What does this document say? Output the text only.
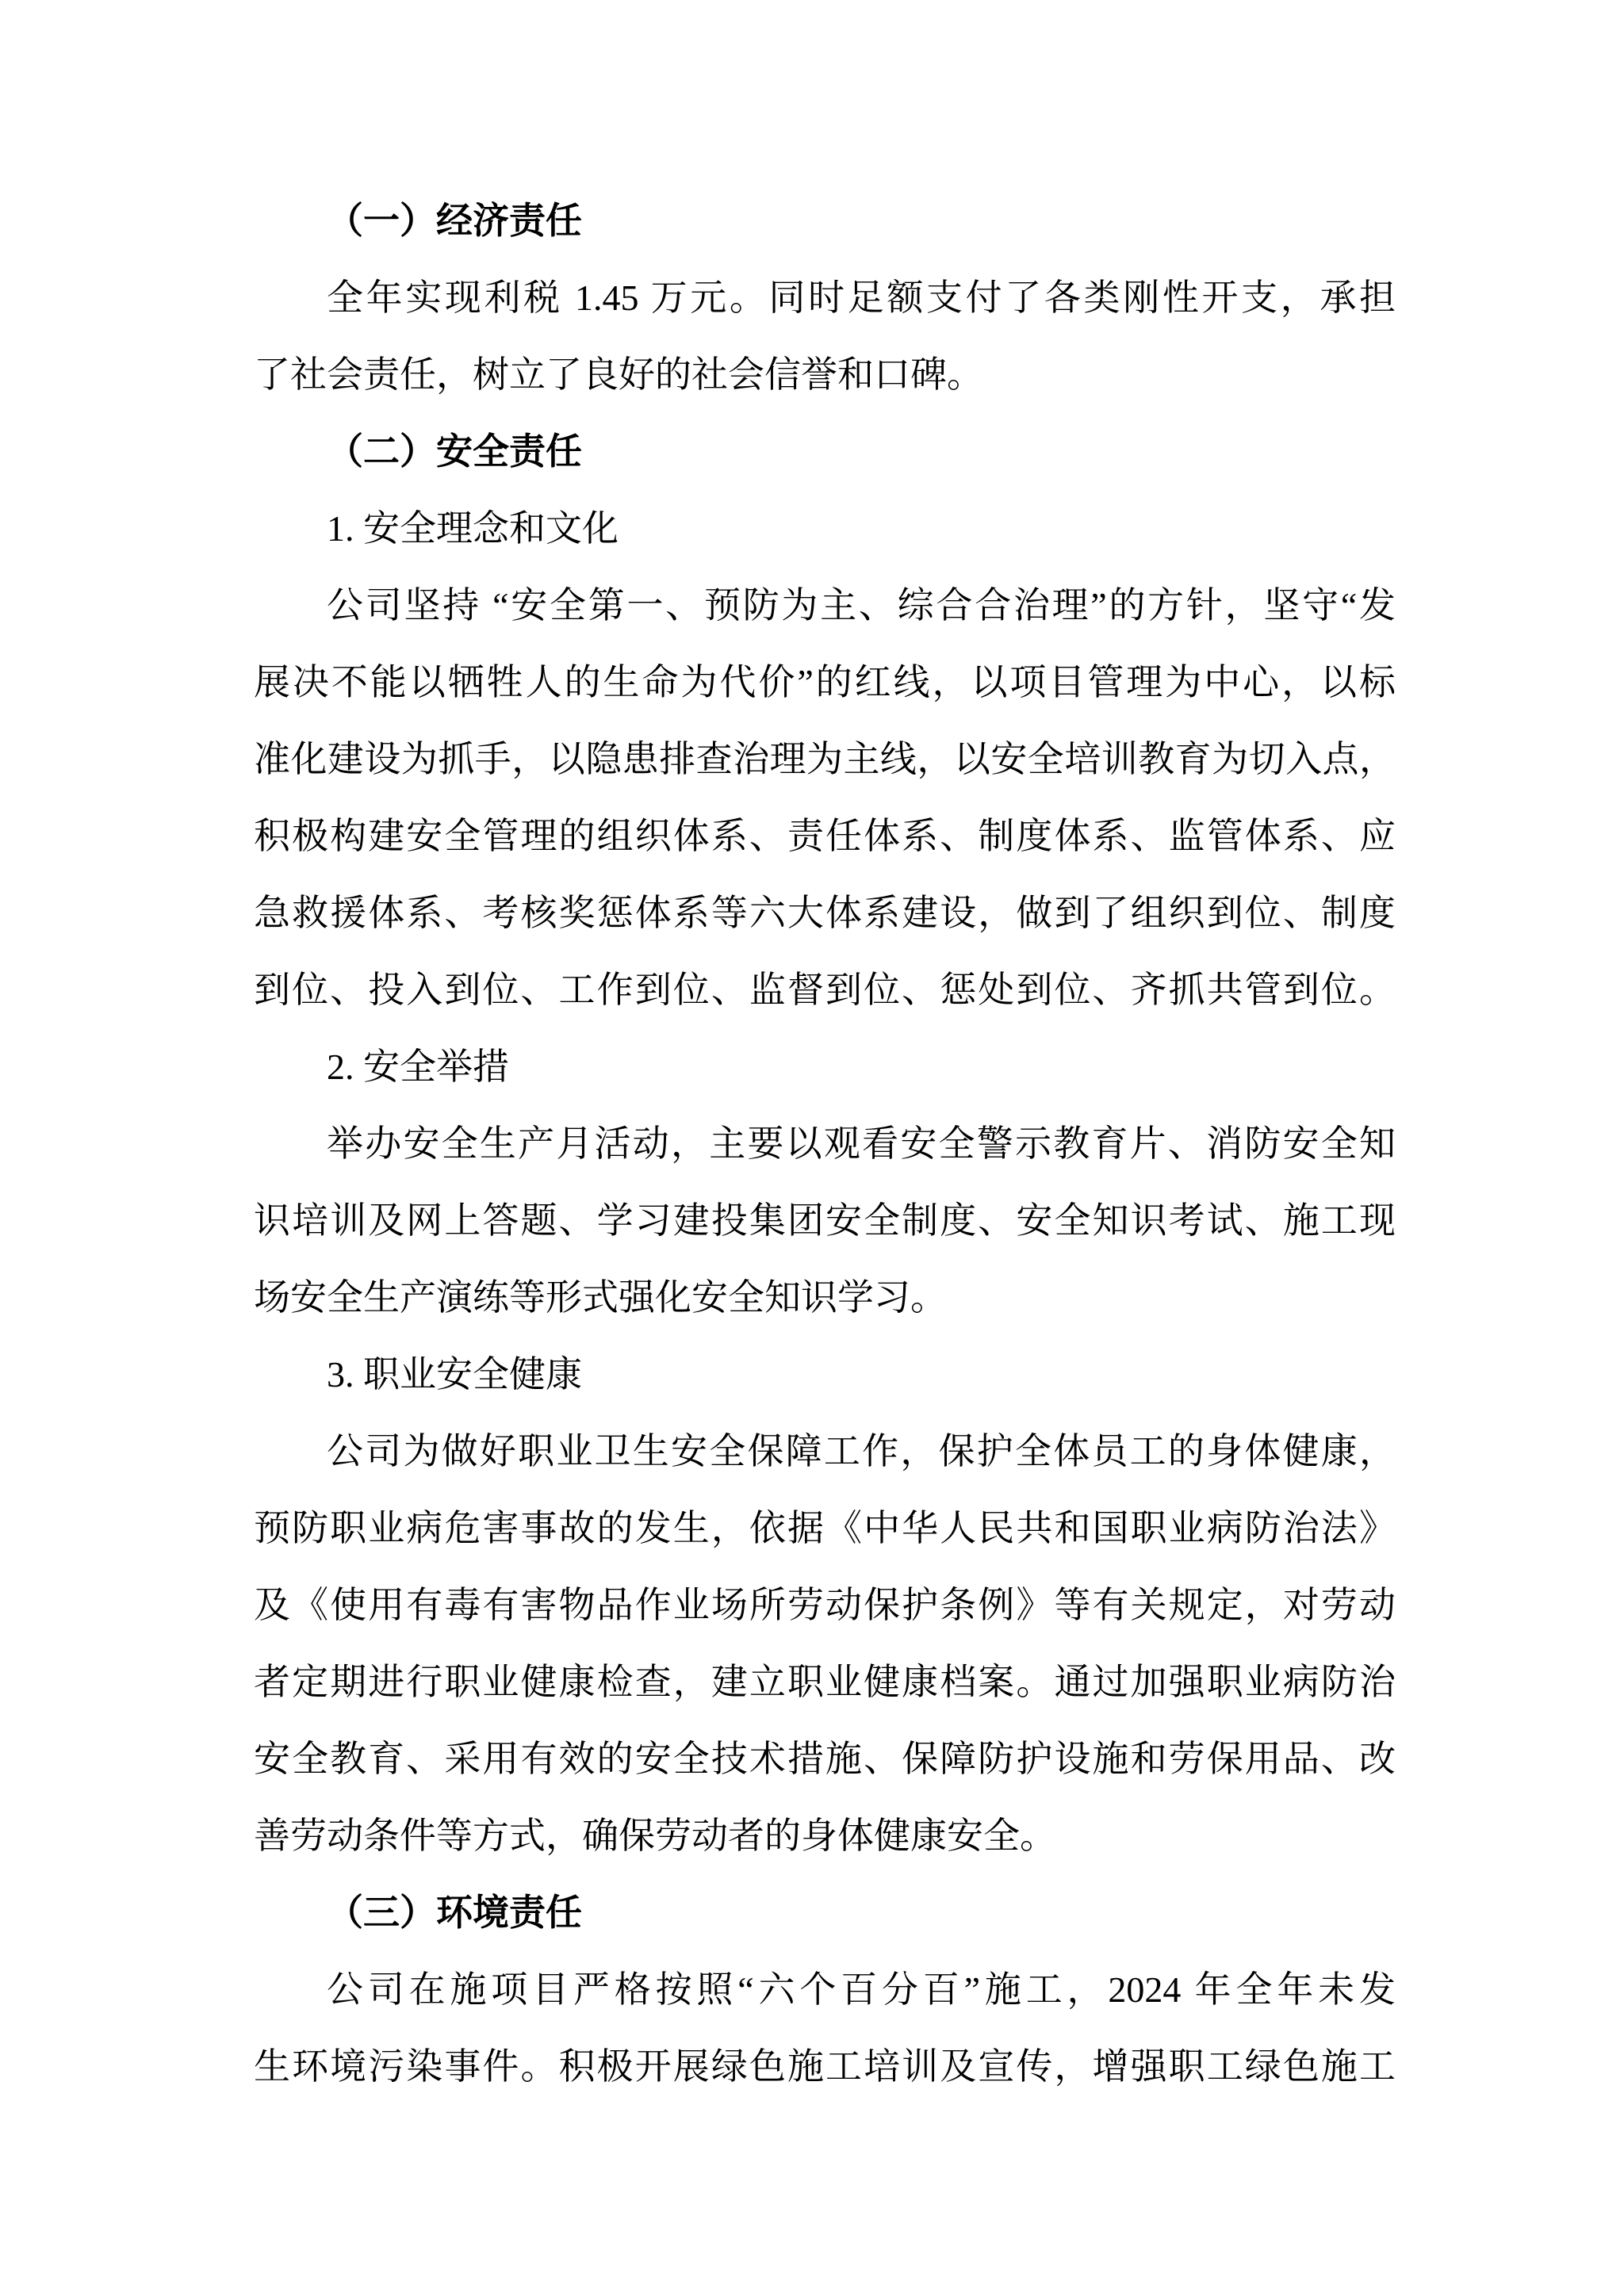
（一）经济责任
全年实现利税 1.45 万元。同时足额支付了各类刚性开支，承担
了社会责任，树立了良好的社会信誉和口碑。
（二）安全责任
1. 安全理念和文化
公司坚持 “安全第一、预防为主、综合合治理”的方针，坚守“发
展决不能以牺牲人的生命为代价”的红线，以项目管理为中心，以标
准化建设为抓手，以隐患排查治理为主线，以安全培训教育为切入点，
积极构建安全管理的组织体系、责任体系、制度体系、监管体系、应
急救援体系、考核奖惩体系等六大体系建设，做到了组织到位、制度
到位、投入到位、工作到位、监督到位、惩处到位、齐抓共管到位。
2. 安全举措
举办安全生产月活动，主要以观看安全警示教育片、消防安全知
识培训及网上答题、学习建投集团安全制度、安全知识考试、施工现
场安全生产演练等形式强化安全知识学习。
3. 职业安全健康
公司为做好职业卫生安全保障工作，保护全体员工的身体健康，
预防职业病危害事故的发生，依据《中华人民共和国职业病防治法》
及《使用有毒有害物品作业场所劳动保护条例》等有关规定，对劳动
者定期进行职业健康检查，建立职业健康档案。通过加强职业病防治
安全教育、采用有效的安全技术措施、保障防护设施和劳保用品、改
善劳动条件等方式，确保劳动者的身体健康安全。
（三）环境责任
公司在施项目严格按照“六个百分百”施工，2024 年全年未发
生环境污染事件。积极开展绿色施工培训及宣传，增强职工绿色施工
